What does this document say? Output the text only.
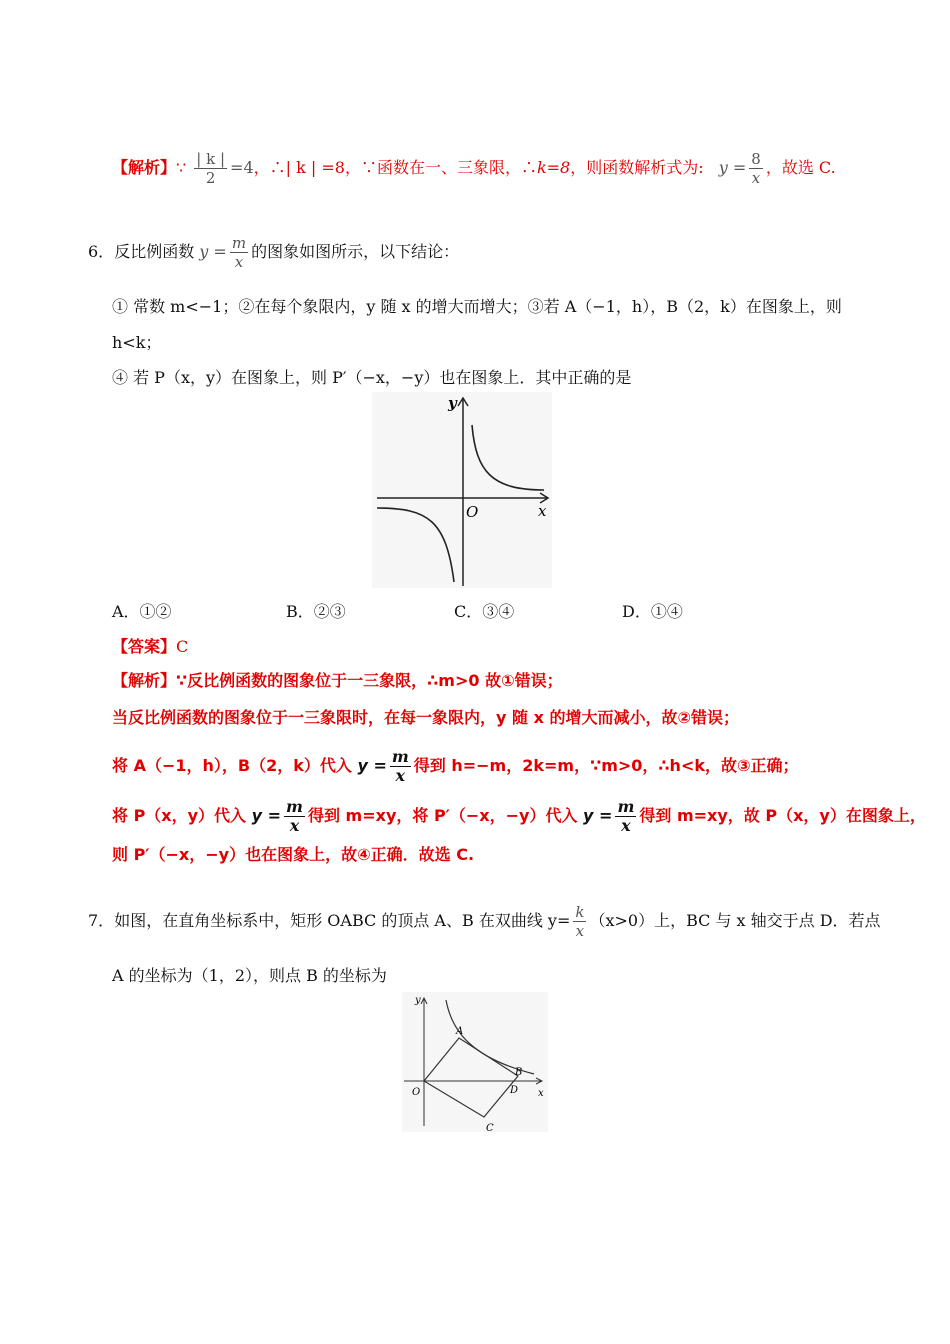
【解析】∵ $\frac{| k |}{2} =4$，∴| k | =8，∵函数在一、三象限，∴k=8，则函数解析式为: $y = \frac{8}{x}$ ，故选 C.
6．反比例函数 $y = \frac{m}{x}$ 的图象如图所示，以下结论：
① 常数 m<−1；②在每个象限内，y 随 x 的增大而增大；③若 A（−1，h），B（2，k）在图象上，则
h<k；
④ 若 P（x，y）在图象上，则 P′（−x，−y）也在图象上．其中正确的是
y
x
O
A．①②	B．②③	C．③④	D．①④
【答案】C
【解析】∵反比例函数的图象位于一三象限，∴m>0 故①错误；
当反比例函数的图象位于一三象限时，在每一象限内，y 随 x 的增大而减小，故②错误；
将 A（−1，h），B（2，k）代入 $y = \frac{m}{x}$ 得到 h=−m，2k=m，∵m>0，∴h<k，故③正确；
将 P（x，y）代入 $y = \frac{m}{x}$ 得到 m=xy，将 P′（−x，−y）代入 $y = \frac{m}{x}$ 得到 m=xy，故 P（x，y）在图象上，
则 P′（−x，−y）也在图象上，故④正确．故选 C.
7．如图，在直角坐标系中，矩形 OABC 的顶点 A、B 在双曲线 $y= \frac{k}{x} (x>0)$上，BC 与 x 轴交于点 D．若点
A 的坐标为（1，2），则点 B 的坐标为
y
x
O
A
B
C
D
